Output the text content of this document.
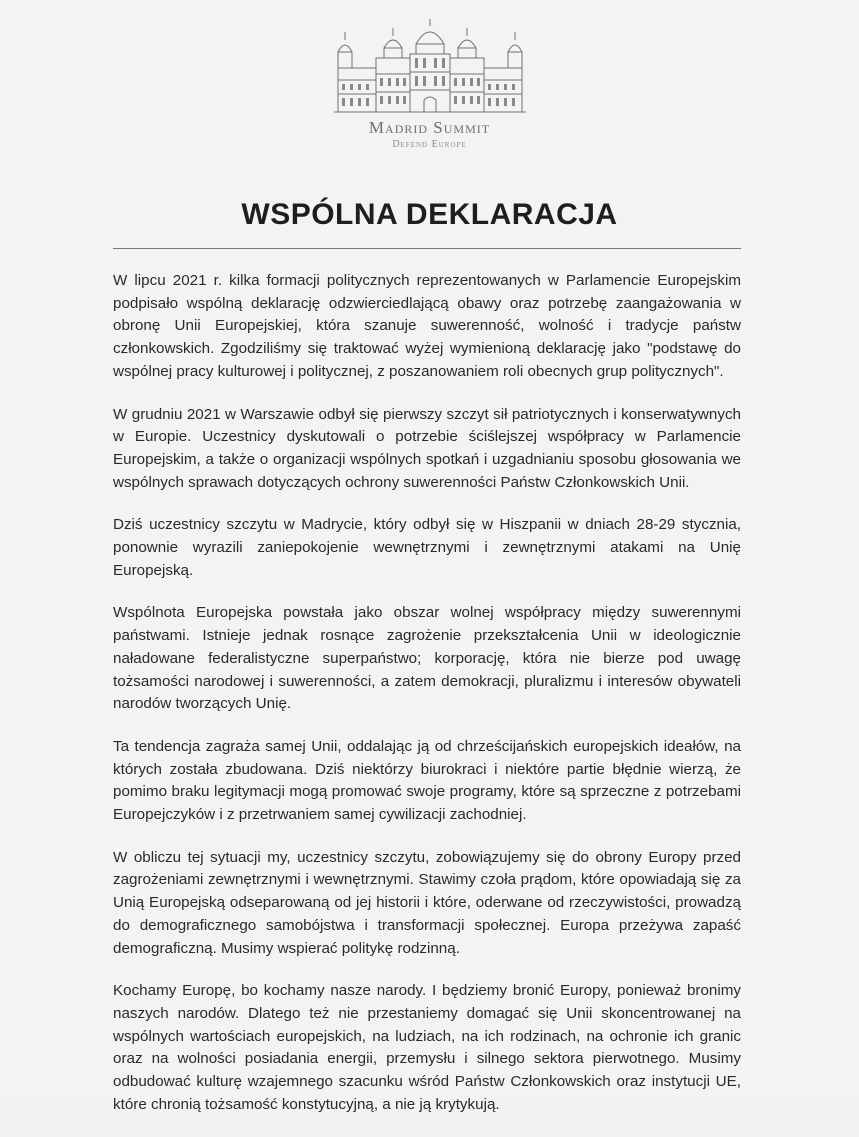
Madrid Summit
Defend Europe
WSPÓLNA DEKLARACJA

W lipcu 2021 r. kilka formacji politycznych reprezentowanych w Parlamencie Europejskim podpisało wspólną deklarację odzwierciedlającą obawy oraz potrzebę zaangażowania w obronę Unii Europejskiej, która szanuje suwerenność, wolność i tradycje państw członkowskich. Zgodziliśmy się traktować wyżej wymienioną deklarację jako "podstawę do wspólnej pracy kulturowej i politycznej, z poszanowaniem roli obecnych grup politycznych".

W grudniu 2021 w Warszawie odbył się pierwszy szczyt sił patriotycznych i konserwatywnych w Europie. Uczestnicy dyskutowali o potrzebie ściślejszej współpracy w Parlamencie Europejskim, a także o organizacji wspólnych spotkań i uzgadnianiu sposobu głosowania we wspólnych sprawach dotyczących ochrony suwerenności Państw Członkowskich Unii.

Dziś uczestnicy szczytu w Madrycie, który odbył się w Hiszpanii w dniach 28-29 stycznia, ponownie wyrazili zaniepokojenie wewnętrznymi i zewnętrznymi atakami na Unię Europejską.

Wspólnota Europejska powstała jako obszar wolnej współpracy między suwerennymi państwami. Istnieje jednak rosnące zagrożenie przekształcenia Unii w ideologicznie naładowane federalistyczne superpaństwo; korporację, która nie bierze pod uwagę tożsamości narodowej i suwerenności, a zatem demokracji, pluralizmu i interesów obywateli narodów tworzących Unię.

Ta tendencja zagraża samej Unii, oddalając ją od chrześcijańskich europejskich ideałów, na których została zbudowana. Dziś niektórzy biurokraci i niektóre partie błędnie wierzą, że pomimo braku legitymacji mogą promować swoje programy, które są sprzeczne z potrzebami Europejczyków i z przetrwaniem samej cywilizacji zachodniej.

W obliczu tej sytuacji my, uczestnicy szczytu, zobowiązujemy się do obrony Europy przed zagrożeniami zewnętrznymi i wewnętrznymi. Stawimy czoła prądom, które opowiadają się za Unią Europejską odseparowaną od jej historii i które, oderwane od rzeczywistości, prowadzą do demograficznego samobójstwa i transformacji społecznej. Europa przeżywa zapaść demograficzną. Musimy wspierać politykę rodzinną.

Kochamy Europę, bo kochamy nasze narody. I będziemy bronić Europy, ponieważ bronimy naszych narodów. Dlatego też nie przestaniemy domagać się Unii skoncentrowanej na wspólnych wartościach europejskich, na ludziach, na ich rodzinach, na ochronie ich granic oraz na wolności posiadania energii, przemysłu i silnego sektora pierwotnego. Musimy odbudować kulturę wzajemnego szacunku wśród Państw Członkowskich oraz instytucji UE, które chronią tożsamość konstytucyjną, a nie ją krytykują.
